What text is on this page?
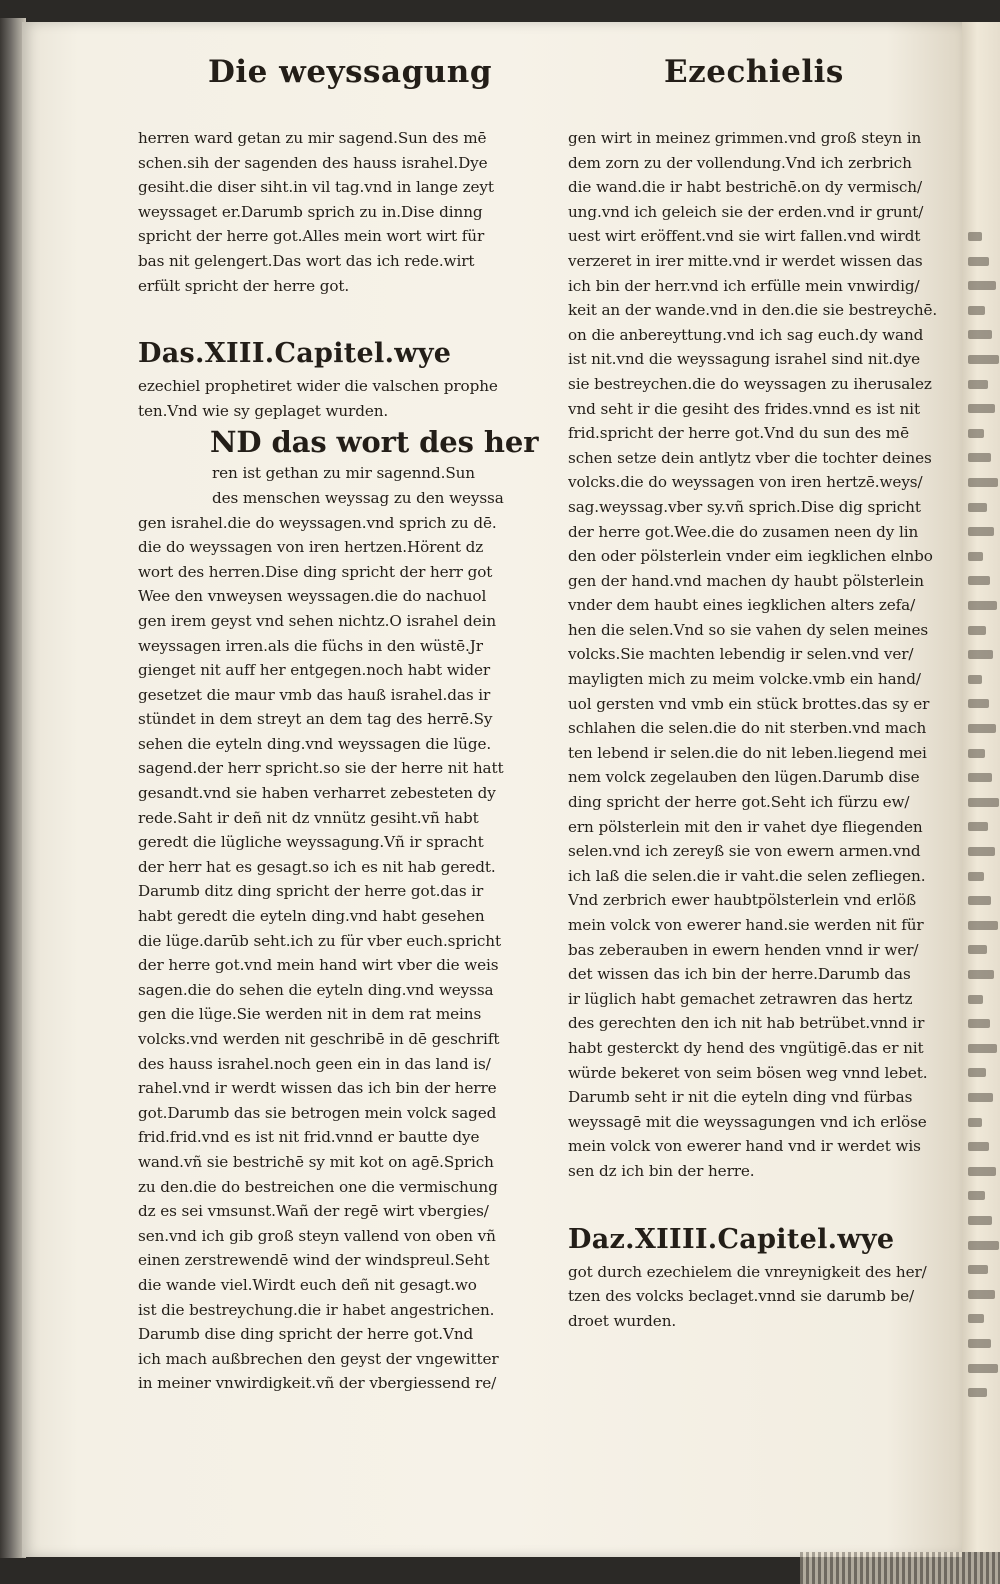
Die weyssagung	Ezechielis
herren ward getan zu mir sagend.Sun des mē
schen.sih der sagenden des hauss israhel.Dye
gesiht.die diser siht.in vil tag.vnd in lange zeyt
weyssaget er.Darumb sprich zu in.Dise dinng
spricht der herre got.Alles mein wort wirt für
bas nit gelengert.Das wort das ich rede.wirt
erfült spricht der herre got.
Das.XIII.Capitel.wye
ezechiel prophetiret wider die valschen prophe
ten.Vnd wie sy geplaget wurden.
ND das wort des her
ren ist gethan zu mir sagennd.Sun
des menschen weyssag zu den weyssa
gen israhel.die do weyssagen.vnd sprich zu dē.
die do weyssagen von iren hertzen.Hörent dz
wort des herren.Dise ding spricht der herr got
Wee den vnweysen weyssagen.die do nachuol
gen irem geyst vnd sehen nichtz.O israhel dein
weyssagen irren.als die füchs in den wüstē.Jr
gienget nit auff her entgegen.noch habt wider
gesetzet die maur vmb das hauß israhel.das ir
stündet in dem streyt an dem tag des herrē.Sy
sehen die eyteln ding.vnd weyssagen die lüge.
sagend.der herr spricht.so sie der herre nit hatt
gesandt.vnd sie haben verharret zebesteten dy
rede.Saht ir deñ nit dz vnnütz gesiht.vñ habt
geredt die lügliche weyssagung.Vñ ir spracht
der herr hat es gesagt.so ich es nit hab geredt.
Darumb ditz ding spricht der herre got.das ir
habt geredt die eyteln ding.vnd habt gesehen
die lüge.darūb seht.ich zu für vber euch.spricht
der herre got.vnd mein hand wirt vber die weis
sagen.die do sehen die eyteln ding.vnd weyssa
gen die lüge.Sie werden nit in dem rat meins
volcks.vnd werden nit geschribē in dē geschrift
des hauss israhel.noch geen ein in das land is/
rahel.vnd ir werdt wissen das ich bin der herre
got.Darumb das sie betrogen mein volck saged
frid.frid.vnd es ist nit frid.vnnd er bautte dye
wand.vñ sie bestrichē sy mit kot on agē.Sprich
zu den.die do bestreichen one die vermischung
dz es sei vmsunst.Wañ der regē wirt vbergies/
sen.vnd ich gib groß steyn vallend von oben vñ
einen zerstrewendē wind der windspreul.Seht
die wande viel.Wirdt euch deñ nit gesagt.wo
ist die bestreychung.die ir habet angestrichen.
Darumb dise ding spricht der herre got.Vnd
ich mach außbrechen den geyst der vngewitter
in meiner vnwirdigkeit.vñ der vbergiessend re/
gen wirt in meinez grimmen.vnd groß steyn in
dem zorn zu der vollendung.Vnd ich zerbrich
die wand.die ir habt bestrichē.on dy vermisch/
ung.vnd ich geleich sie der erden.vnd ir grunt/
uest wirt eröffent.vnd sie wirt fallen.vnd wirdt
verzeret in irer mitte.vnd ir werdet wissen das
ich bin der herr.vnd ich erfülle mein vnwirdig/
keit an der wande.vnd in den.die sie bestreychē.
on die anbereyttung.vnd ich sag euch.dy wand
ist nit.vnd die weyssagung israhel sind nit.dye
sie bestreychen.die do weyssagen zu iherusalez
vnd seht ir die gesiht des frides.vnnd es ist nit
frid.spricht der herre got.Vnd du sun des mē
schen setze dein antlytz vber die tochter deines
volcks.die do weyssagen von iren hertzē.weys/
sag.weyssag.vber sy.vñ sprich.Dise dig spricht
der herre got.Wee.die do zusamen neen dy lin
den oder pölsterlein vnder eim iegklichen elnbo
gen der hand.vnd machen dy haubt pölsterlein
vnder dem haubt eines iegklichen alters zefa/
hen die selen.Vnd so sie vahen dy selen meines
volcks.Sie machten lebendig ir selen.vnd ver/
mayligten mich zu meim volcke.vmb ein hand/
uol gersten vnd vmb ein stück brottes.das sy er
schlahen die selen.die do nit sterben.vnd mach
ten lebend ir selen.die do nit leben.liegend mei
nem volck zegelauben den lügen.Darumb dise
ding spricht der herre got.Seht ich fürzu ew/
ern pölsterlein mit den ir vahet dye fliegenden
selen.vnd ich zereyß sie von ewern armen.vnd
ich laß die selen.die ir vaht.die selen zefliegen.
Vnd zerbrich ewer haubtpölsterlein vnd erlöß
mein volck von ewerer hand.sie werden nit für
bas zeberauben in ewern henden vnnd ir wer/
det wissen das ich bin der herre.Darumb das
ir lüglich habt gemachet zetrawren das hertz
des gerechten den ich nit hab betrübet.vnnd ir
habt gesterckt dy hend des vngütigē.das er nit
würde bekeret von seim bösen weg vnnd lebet.
Darumb seht ir nit die eyteln ding vnd fürbas
weyssagē mit die weyssagungen vnd ich erlöse
mein volck von ewerer hand vnd ir werdet wis
sen dz ich bin der herre.
Daz.XIIII.Capitel.wye
got durch ezechielem die vnreynigkeit des her/
tzen des volcks beclaget.vnnd sie darumb be/
droet wurden.
